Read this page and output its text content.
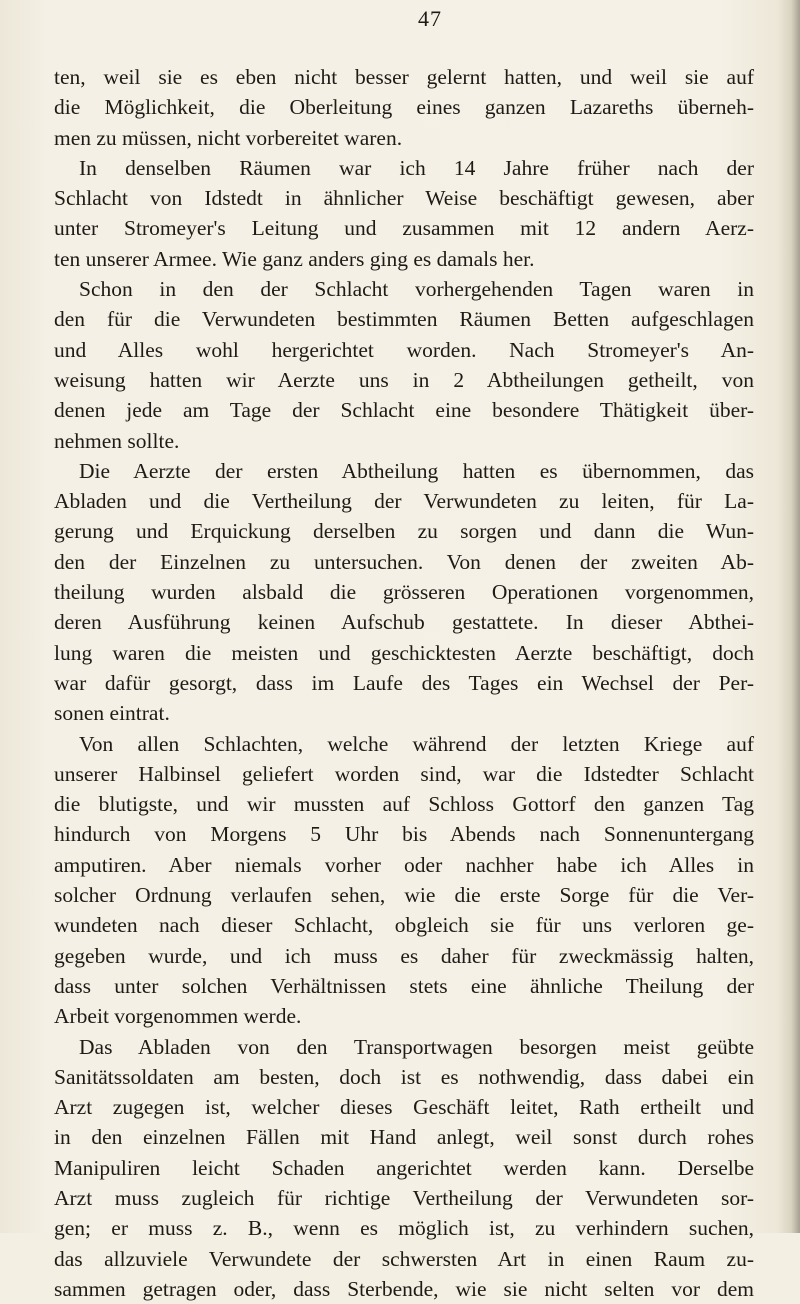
47
ten, weil sie es eben nicht besser gelernt hatten, und weil sie auf
die Möglichkeit, die Oberleitung eines ganzen Lazareths überneh-
men zu müssen, nicht vorbereitet waren.
In denselben Räumen war ich 14 Jahre früher nach der
Schlacht von Idstedt in ähnlicher Weise beschäftigt gewesen, aber
unter Stromeyer's Leitung und zusammen mit 12 andern Aerz-
ten unserer Armee. Wie ganz anders ging es damals her.
Schon in den der Schlacht vorhergehenden Tagen waren in
den für die Verwundeten bestimmten Räumen Betten aufgeschlagen
und Alles wohl hergerichtet worden. Nach Stromeyer's An-
weisung hatten wir Aerzte uns in 2 Abtheilungen getheilt, von
denen jede am Tage der Schlacht eine besondere Thätigkeit über-
nehmen sollte.
Die Aerzte der ersten Abtheilung hatten es übernommen, das
Abladen und die Vertheilung der Verwundeten zu leiten, für La-
gerung und Erquickung derselben zu sorgen und dann die Wun-
den der Einzelnen zu untersuchen. Von denen der zweiten Ab-
theilung wurden alsbald die grösseren Operationen vorgenommen,
deren Ausführung keinen Aufschub gestattete. In dieser Abthei-
lung waren die meisten und geschicktesten Aerzte beschäftigt, doch
war dafür gesorgt, dass im Laufe des Tages ein Wechsel der Per-
sonen eintrat.
Von allen Schlachten, welche während der letzten Kriege auf
unserer Halbinsel geliefert worden sind, war die Idstedter Schlacht
die blutigste, und wir mussten auf Schloss Gottorf den ganzen Tag
hindurch von Morgens 5 Uhr bis Abends nach Sonnenuntergang
amputiren. Aber niemals vorher oder nachher habe ich Alles in
solcher Ordnung verlaufen sehen, wie die erste Sorge für die Ver-
wundeten nach dieser Schlacht, obgleich sie für uns verloren ge-
gegeben wurde, und ich muss es daher für zweckmässig halten,
dass unter solchen Verhältnissen stets eine ähnliche Theilung der
Arbeit vorgenommen werde.
Das Abladen von den Transportwagen besorgen meist geübte
Sanitätssoldaten am besten, doch ist es nothwendig, dass dabei ein
Arzt zugegen ist, welcher dieses Geschäft leitet, Rath ertheilt und
in den einzelnen Fällen mit Hand anlegt, weil sonst durch rohes
Manipuliren leicht Schaden angerichtet werden kann. Derselbe
Arzt muss zugleich für richtige Vertheilung der Verwundeten sor-
gen; er muss z. B., wenn es möglich ist, zu verhindern suchen,
das allzuviele Verwundete der schwersten Art in einen Raum zu-
sammen getragen oder, dass Sterbende, wie sie nicht selten vor dem
